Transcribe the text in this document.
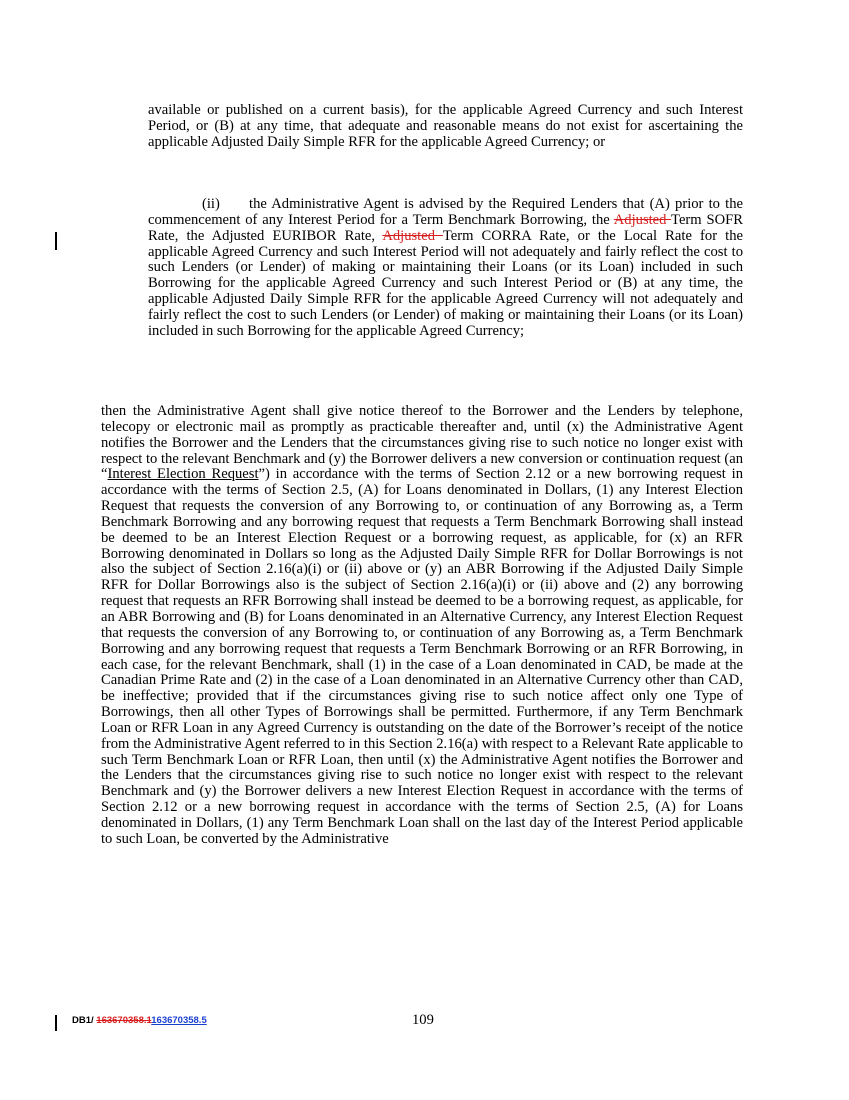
available or published on a current basis), for the applicable Agreed Currency and such Interest Period, or (B) at any time, that adequate and reasonable means do not exist for ascertaining the applicable Adjusted Daily Simple RFR for the applicable Agreed Currency; or

(ii)  the Administrative Agent is advised by the Required Lenders that (A) prior to the commencement of any Interest Period for a Term Benchmark Borrowing, the Adjusted Term SOFR Rate, the Adjusted EURIBOR Rate, Adjusted Term CORRA Rate, or the Local Rate for the applicable Agreed Currency and such Interest Period will not adequately and fairly reflect the cost to such Lenders (or Lender) of making or maintaining their Loans (or its Loan) included in such Borrowing for the applicable Agreed Currency and such Interest Period or (B) at any time, the applicable Adjusted Daily Simple RFR for the applicable Agreed Currency will not adequately and fairly reflect the cost to such Lenders (or Lender) of making or maintaining their Loans (or its Loan) included in such Borrowing for the applicable Agreed Currency;

then the Administrative Agent shall give notice thereof to the Borrower and the Lenders by telephone, telecopy or electronic mail as promptly as practicable thereafter and, until (x) the Administrative Agent notifies the Borrower and the Lenders that the circumstances giving rise to such notice no longer exist with respect to the relevant Benchmark and (y) the Borrower delivers a new conversion or continuation request (an “Interest Election Request”) in accordance with the terms of Section 2.12 or a new borrowing request in accordance with the terms of Section 2.5, (A) for Loans denominated in Dollars, (1) any Interest Election Request that requests the conversion of any Borrowing to, or continuation of any Borrowing as, a Term Benchmark Borrowing and any borrowing request that requests a Term Benchmark Borrowing shall instead be deemed to be an Interest Election Request or a borrowing request, as applicable, for (x) an RFR Borrowing denominated in Dollars so long as the Adjusted Daily Simple RFR for Dollar Borrowings is not also the subject of Section 2.16(a)(i) or (ii) above or (y) an ABR Borrowing if the Adjusted Daily Simple RFR for Dollar Borrowings also is the subject of Section 2.16(a)(i) or (ii) above and (2) any borrowing request that requests an RFR Borrowing shall instead be deemed to be a borrowing request, as applicable, for an ABR Borrowing and (B) for Loans denominated in an Alternative Currency, any Interest Election Request that requests the conversion of any Borrowing to, or continuation of any Borrowing as, a Term Benchmark Borrowing and any borrowing request that requests a Term Benchmark Borrowing or an RFR Borrowing, in each case, for the relevant Benchmark, shall (1) in the case of a Loan denominated in CAD, be made at the Canadian Prime Rate and (2) in the case of a Loan denominated in an Alternative Currency other than CAD, be ineffective; provided that if the circumstances giving rise to such notice affect only one Type of Borrowings, then all other Types of Borrowings shall be permitted. Furthermore, if any Term Benchmark Loan or RFR Loan in any Agreed Currency is outstanding on the date of the Borrower’s receipt of the notice from the Administrative Agent referred to in this Section 2.16(a) with respect to a Relevant Rate applicable to such Term Benchmark Loan or RFR Loan, then until (x) the Administrative Agent notifies the Borrower and the Lenders that the circumstances giving rise to such notice no longer exist with respect to the relevant Benchmark and (y) the Borrower delivers a new Interest Election Request in accordance with the terms of Section 2.12 or a new borrowing request in accordance with the terms of Section 2.5, (A) for Loans denominated in Dollars, (1) any Term Benchmark Loan shall on the last day of the Interest Period applicable to such Loan, be converted by the Administrative

DB1/ 163670358.1163670358.5	109
